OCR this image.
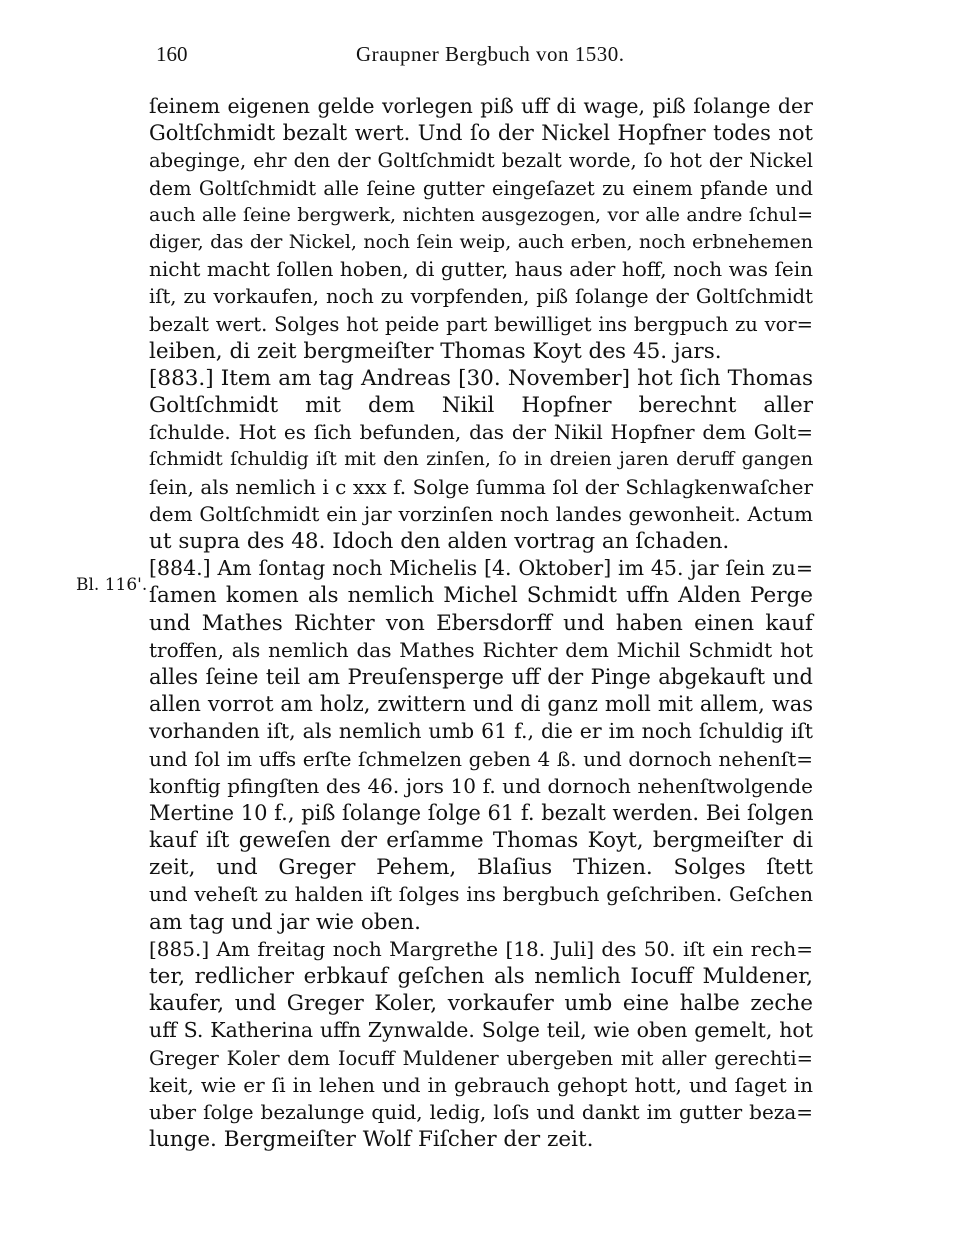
160	Graupner Bergbuch von 1530.
Bl. 116'.
ſeinem eigenen gelde vorlegen piß uff di wage, piß ſolange der
Goltſchmidt bezalt wert. Und ſo der Nickel Hopfner todes not
abeginge, ehr den der Goltſchmidt bezalt worde, ſo hot der Nickel
dem Goltſchmidt alle ſeine gutter eingeſazet zu einem pfande und
auch alle ſeine bergwerk, nichten ausgezogen, vor alle andre ſchul=
diger, das der Nickel, noch ſein weip, auch erben, noch erbnehemen
nicht macht ſollen hoben, di gutter, haus ader hoff, noch was ſein
iſt, zu vorkaufen, noch zu vorpfenden, piß ſolange der Goltſchmidt
bezalt wert. Solges hot peide part bewilliget ins bergpuch zu vor=
leiben, di zeit bergmeiſter Thomas Koyt des 45. jars.
[883.] Item am tag Andreas [30. November] hot ſich Thomas
Goltſchmidt mit dem Nikil Hopfner berechnt aller
ſchulde. Hot es ſich befunden, das der Nikil Hopfner dem Golt=
ſchmidt ſchuldig iſt mit den zinſen, ſo in dreien jaren deruff gangen
ſein, als nemlich i c xxx f. Solge ſumma ſol der Schlagkenwaſcher
dem Goltſchmidt ein jar vorzinſen noch landes gewonheit. Actum
ut supra des 48. Idoch den alden vortrag an ſchaden.
[884.] Am ſontag noch Michelis [4. Oktober] im 45. jar ſein zu=
ſamen komen als nemlich Michel Schmidt uffn Alden Perge
und Mathes Richter von Ebersdorff und haben einen kauf
troffen, als nemlich das Mathes Richter dem Michil Schmidt hot
alles ſeine teil am Preuſensperge uff der Pinge abgekauft und
allen vorrot am holz, zwittern und di ganz moll mit allem, was
vorhanden iſt, als nemlich umb 61 f., die er im noch ſchuldig iſt
und ſol im uffs erſte ſchmelzen geben 4 ß. und dornoch nehenſt=
konftig pfingſten des 46. jors 10 f. und dornoch nehenſtwolgende
Mertine 10 f., piß ſolange ſolge 61 f. bezalt werden. Bei ſolgen
kauf iſt geweſen der erſamme Thomas Koyt, bergmeiſter di
zeit, und Greger Pehem, Blaſius Thizen. Solges ſtett
und veheſt zu halden iſt ſolges ins bergbuch geſchriben. Geſchen
am tag und jar wie oben.
[885.] Am freitag noch Margrethe [18. Juli] des 50. iſt ein rech=
ter, redlicher erbkauf geſchen als nemlich Iocuff Muldener,
kaufer, und Greger Koler, vorkaufer umb eine halbe zeche
uff S. Katherina uffn Zynwalde. Solge teil, wie oben gemelt, hot
Greger Koler dem Iocuff Muldener ubergeben mit aller gerechti=
keit, wie er ſi in lehen und in gebrauch gehopt hott, und ſaget in
uber ſolge bezalunge quid, ledig, loſs und dankt im gutter beza=
lunge. Bergmeiſter Wolf Fiſcher der zeit.
